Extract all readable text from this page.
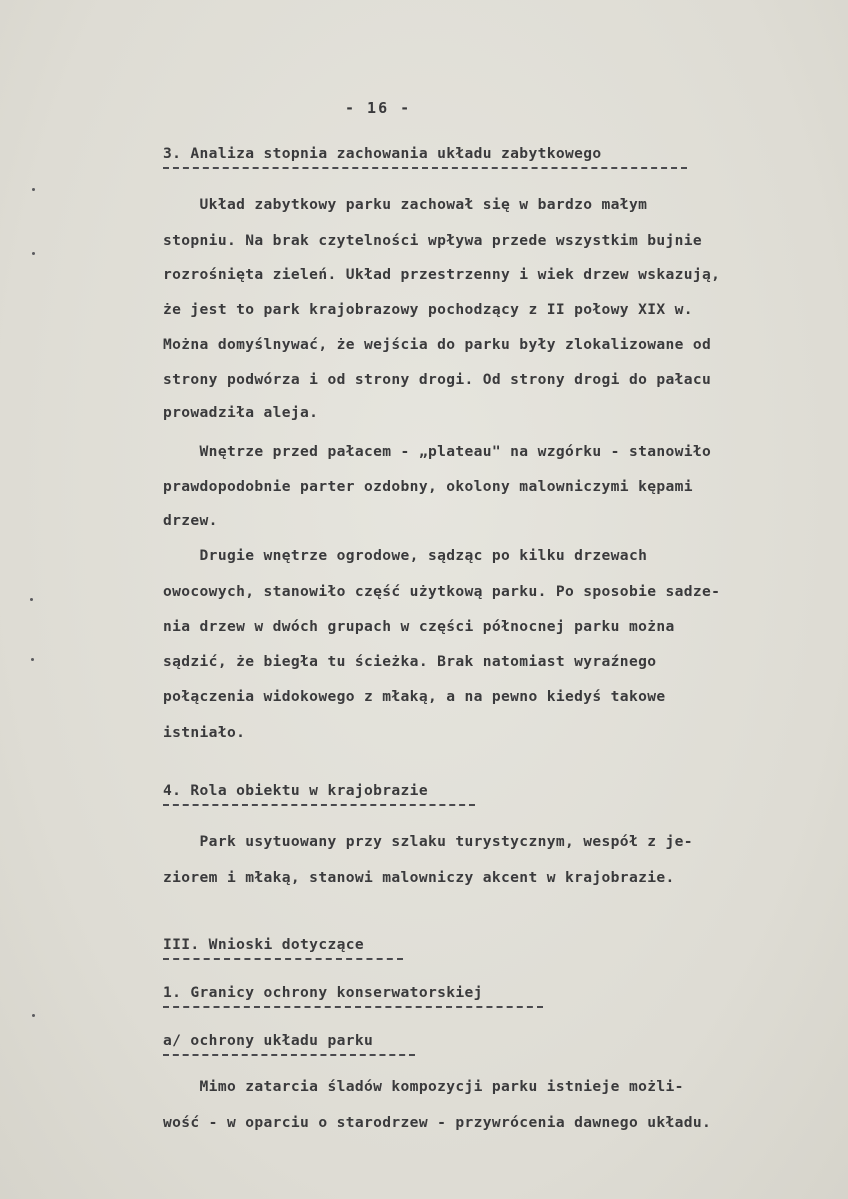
- 16 -
3. Analiza stopnia zachowania układu zabytkowego
Układ zabytkowy parku zachował się w bardzo małym
stopniu. Na brak czytelności wpływa przede wszystkim bujnie
rozrośnięta zieleń. Układ przestrzenny i wiek drzew wskazują,
że jest to park krajobrazowy pochodzący z II połowy XIX w.
Można domyślnywać, że wejścia do parku były zlokalizowane od
strony podwórza i od strony drogi. Od strony drogi do pałacu
prowadziła aleja.
Wnętrze przed pałacem - „plateau" na wzgórku - stanowiło
prawdopodobnie parter ozdobny, okolony malowniczymi kępami
drzew.
Drugie wnętrze ogrodowe, sądząc po kilku drzewach
owocowych, stanowiło część użytkową parku. Po sposobie sadze-
nia drzew w dwóch grupach w części północnej parku można
sądzić, że biegła tu ścieżka. Brak natomiast wyraźnego
połączenia widokowego z młaką, a na pewno kiedyś takowe
istniało.
4. Rola obiektu w krajobrazie
Park usytuowany przy szlaku turystycznym, wespół z je-
ziorem i młaką, stanowi malowniczy akcent w krajobrazie.
III. Wnioski dotyczące
1. Granicy ochrony konserwatorskiej
a/ ochrony układu parku
Mimo zatarcia śladów kompozycji parku istnieje możli-
wość - w oparciu o starodrzew - przywrócenia dawnego układu.
